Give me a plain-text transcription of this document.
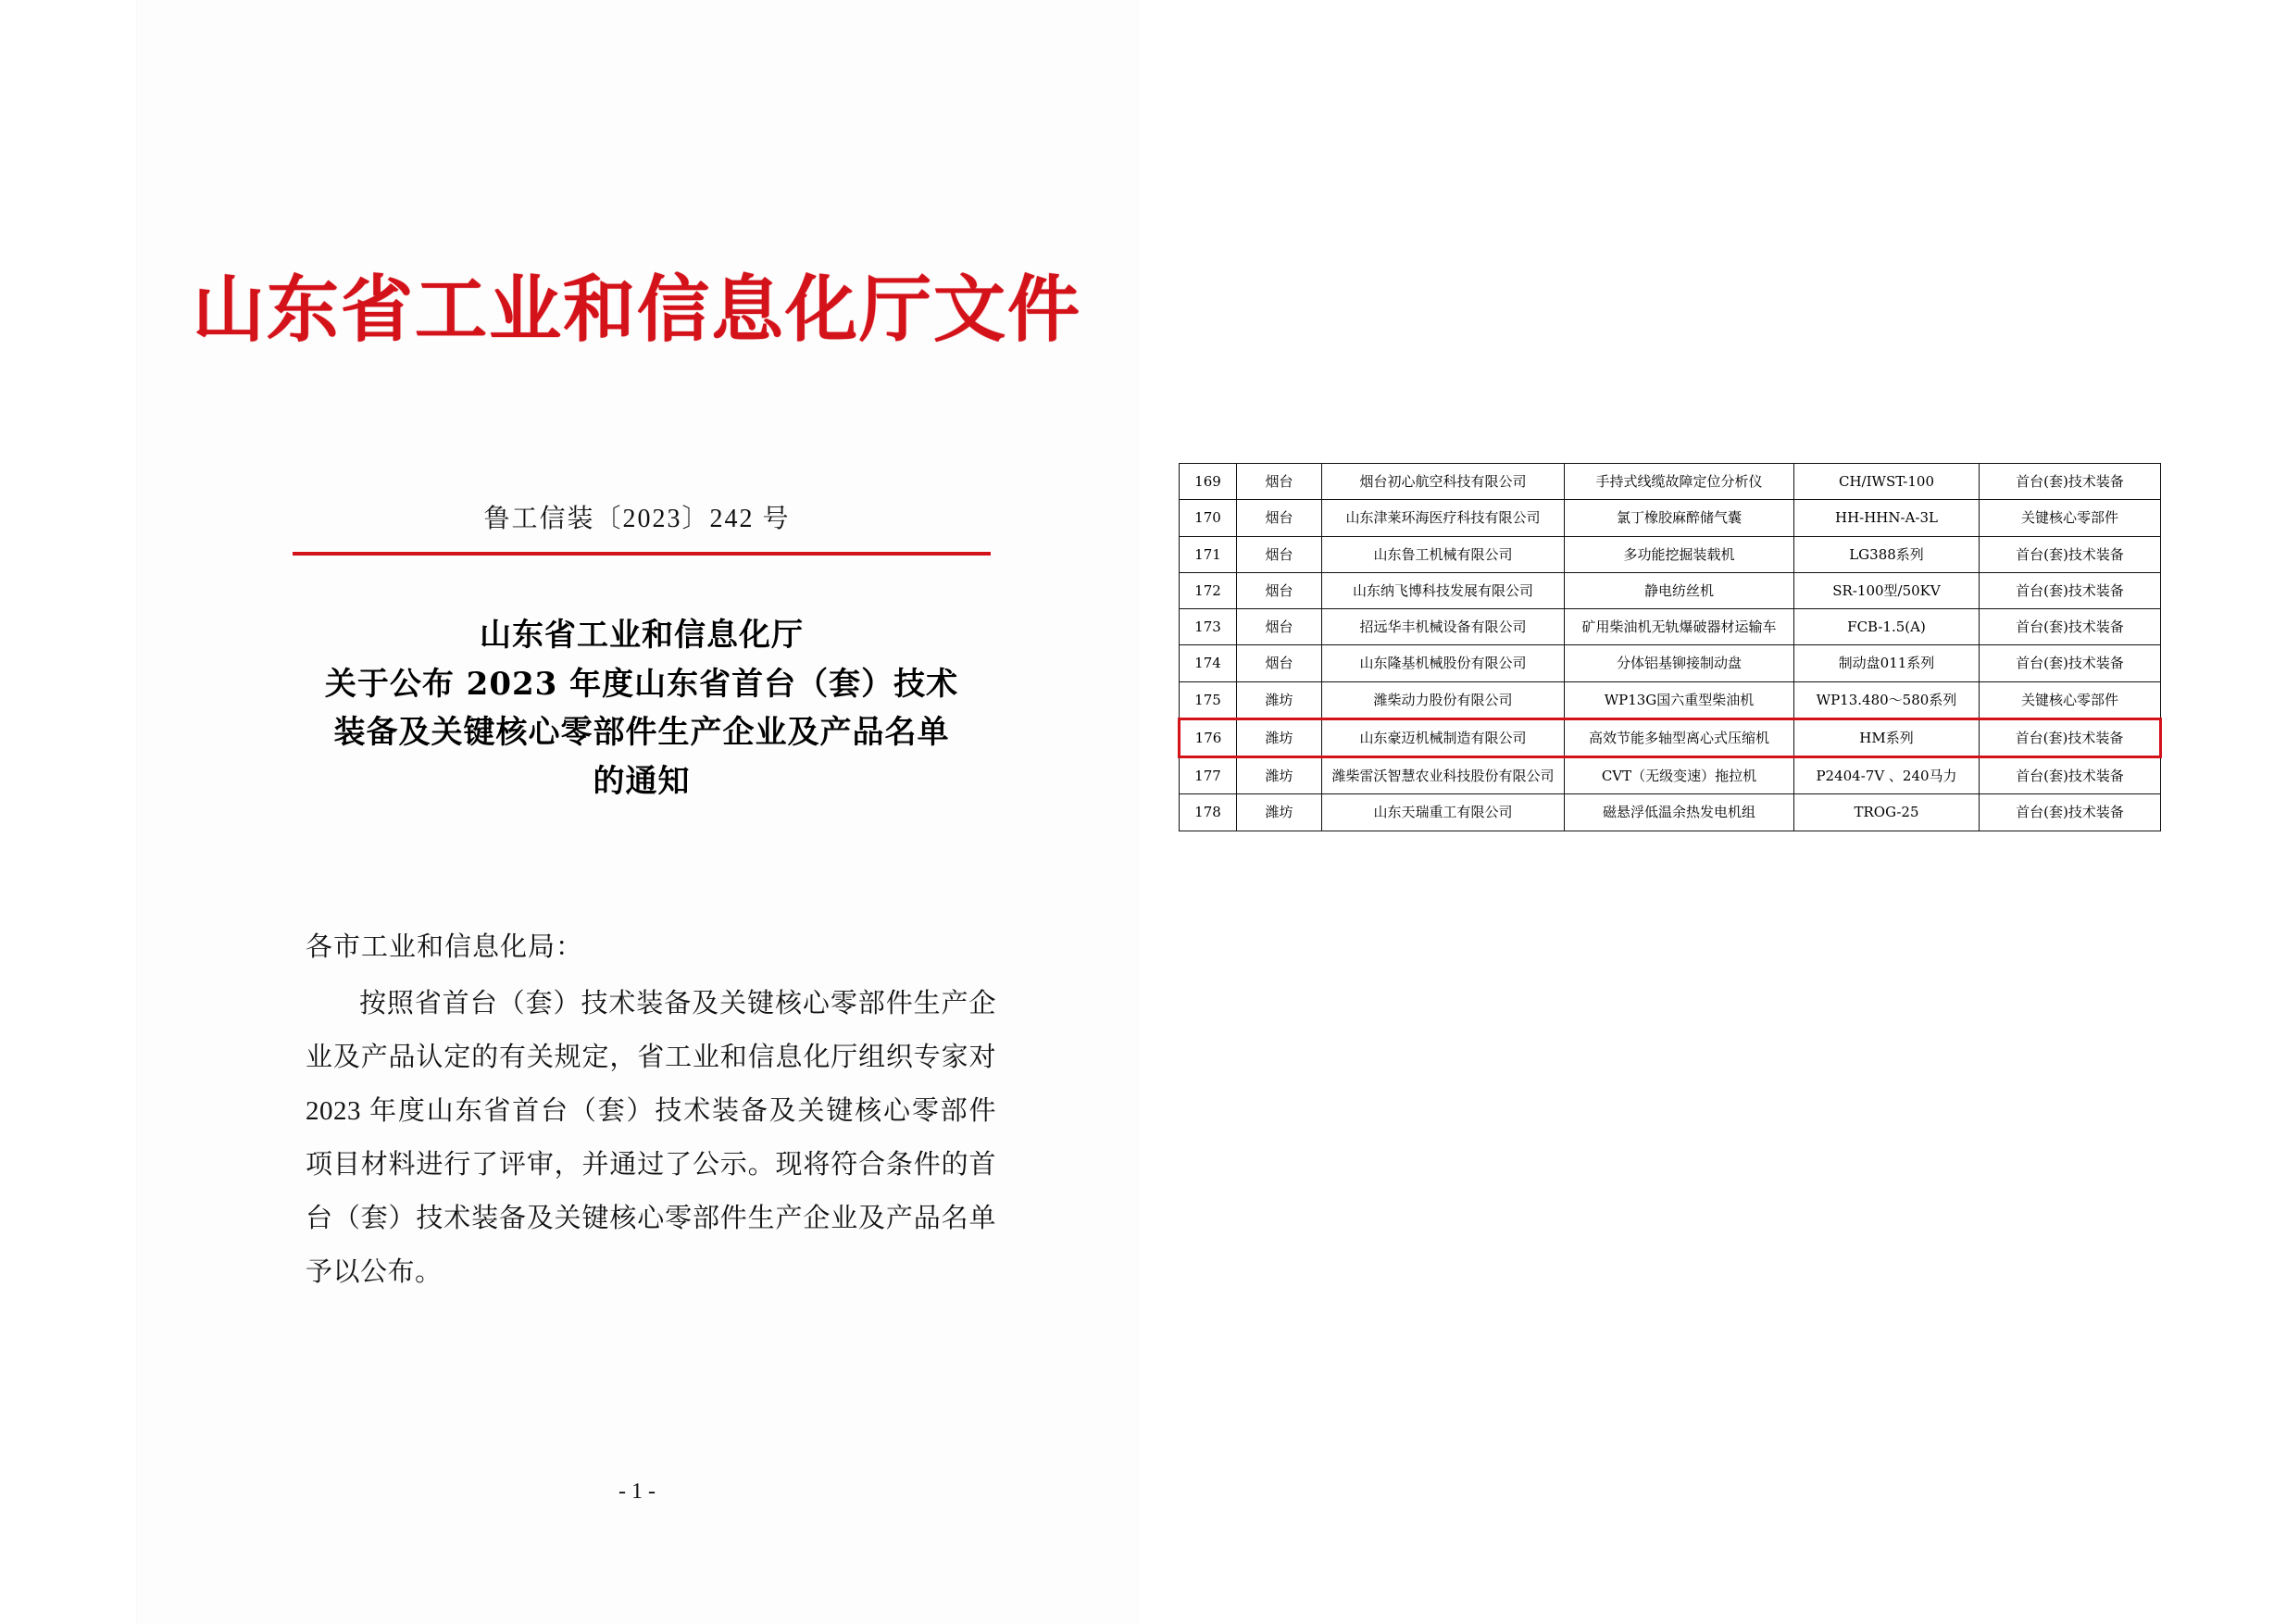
山东省工业和信息化厅文件
鲁工信装〔2023〕242 号
山东省工业和信息化厅
关于公布 2023 年度山东省首台（套）技术
装备及关键核心零部件生产企业及产品名单
的通知
各市工业和信息化局：
按照省首台（套）技术装备及关键核心零部件生产企业及产品认定的有关规定，省工业和信息化厅组织专家对 2023 年度山东省首台（套）技术装备及关键核心零部件项目材料进行了评审，并通过了公示。现将符合条件的首台（套）技术装备及关键核心零部件生产企业及产品名单予以公布。
- 1 -
169	烟台	烟台初心航空科技有限公司	手持式线缆故障定位分析仪	CH/IWST-100	首台(套)技术装备
170	烟台	山东津莱环海医疗科技有限公司	氯丁橡胶麻醉储气囊	HH-HHN-A-3L	关键核心零部件
171	烟台	山东鲁工机械有限公司	多功能挖掘装载机	LG388系列	首台(套)技术装备
172	烟台	山东纳飞博科技发展有限公司	静电纺丝机	SR-100型/50KV	首台(套)技术装备
173	烟台	招远华丰机械设备有限公司	矿用柴油机无轨爆破器材运输车	FCB-1.5(A)	首台(套)技术装备
174	烟台	山东隆基机械股份有限公司	分体铝基铆接制动盘	制动盘011系列	首台(套)技术装备
175	潍坊	潍柴动力股份有限公司	WP13G国六重型柴油机	WP13.480～580系列	关键核心零部件
176	潍坊	山东豪迈机械制造有限公司	高效节能多轴型离心式压缩机	HM系列	首台(套)技术装备
177	潍坊	潍柴雷沃智慧农业科技股份有限公司	CVT（无级变速）拖拉机	P2404-7V 、240马力	首台(套)技术装备
178	潍坊	山东天瑞重工有限公司	磁悬浮低温余热发电机组	TROG-25	首台(套)技术装备
